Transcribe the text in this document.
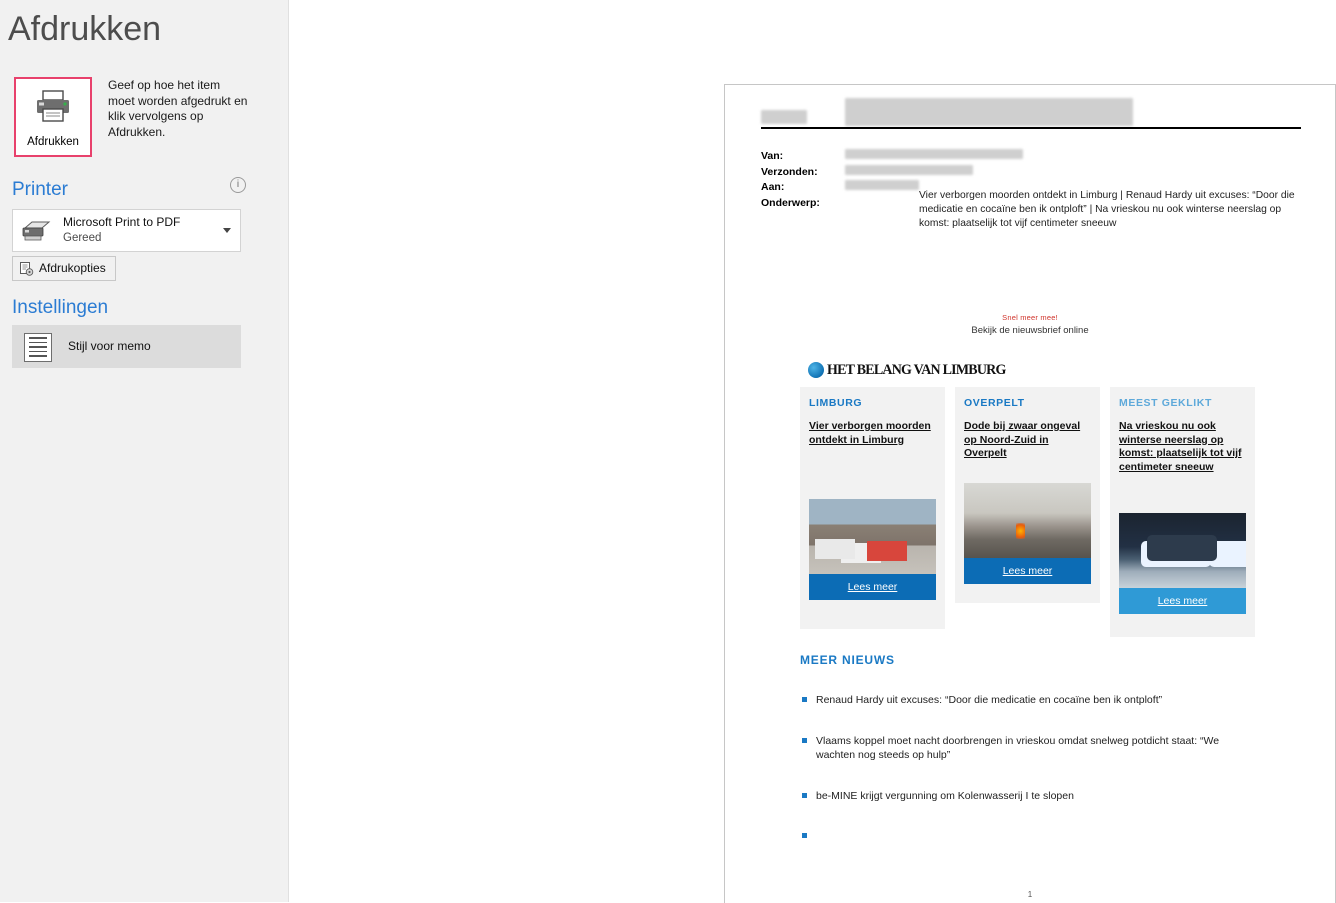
Afdrukken
Afdrukken
Geef op hoe het item moet worden afgedrukt en klik vervolgens op Afdrukken.
Printer	i
Microsoft Print to PDF
Gereed
Afdrukopties
Instellingen
Stijl voor memo
Van:
Verzonden:
Aan:
Onderwerp:
Vier verborgen moorden ontdekt in Limburg | Renaud Hardy uit excuses: “Door die medicatie en cocaïne ben ik ontploft” | Na vrieskou nu ook winterse neerslag op komst: plaatselijk tot vijf centimeter sneeuw
Snel meer mee!
Bekijk de nieuwsbrief online
HET BELANG VAN LIMBURG
LIMBURG
Vier verborgen moorden ontdekt in Limburg
Lees meer
OVERPELT
Dode bij zwaar ongeval op Noord-Zuid in Overpelt
Lees meer
MEEST GEKLIKT
Na vrieskou nu ook winterse neerslag op komst: plaatselijk tot vijf centimeter sneeuw
Lees meer
MEER NIEUWS
Renaud Hardy uit excuses: “Door die medicatie en cocaïne ben ik ontploft”
Vlaams koppel moet nacht doorbrengen in vrieskou omdat snelweg potdicht staat: “We wachten nog steeds op hulp”
be-MINE krijgt vergunning om Kolenwasserij I te slopen
1
